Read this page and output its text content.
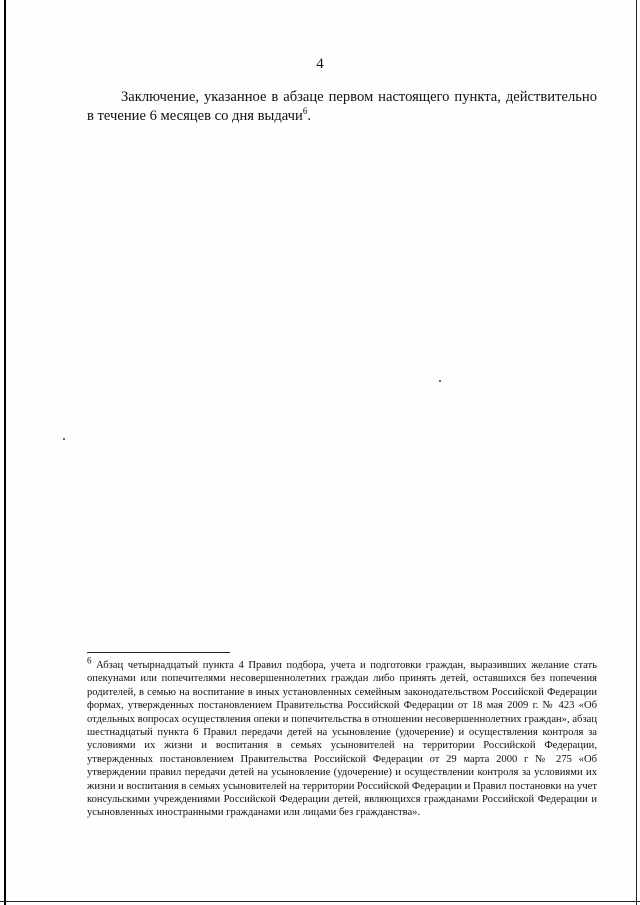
4

Заключение, указанное в абзаце первом настоящего пункта, действительно в течение 6 месяцев со дня выдачи$^6$.

$^6$ Абзац четырнадцатый пункта 4 Правил подбора, учета и подготовки граждан, выразивших желание стать опекунами или попечителями несовершеннолетних граждан либо принять детей, оставшихся без попечения родителей, в семью на воспитание в иных установленных семейным законодательством Российской Федерации формах, утвержденных постановлением Правительства Российской Федерации от 18 мая 2009 г. № 423 «Об отдельных вопросах осуществления опеки и попечительства в отношении несовершеннолетних граждан», абзац шестнадцатый пункта 6 Правил передачи детей на усыновление (удочерение) и осуществления контроля за условиями их жизни и воспитания в семьях усыновителей на территории Российской Федерации, утвержденных постановлением Правительства Российской Федерации от 29 марта 2000 г № 275 «Об утверждении правил передачи детей на усыновление (удочерение) и осуществлении контроля за условиями их жизни и воспитания в семьях усыновителей на территории Российской Федерации и Правил постановки на учет консульскими учреждениями Российской Федерации детей, являющихся гражданами Российской Федерации и усыновленных иностранными гражданами или лицами без гражданства».
